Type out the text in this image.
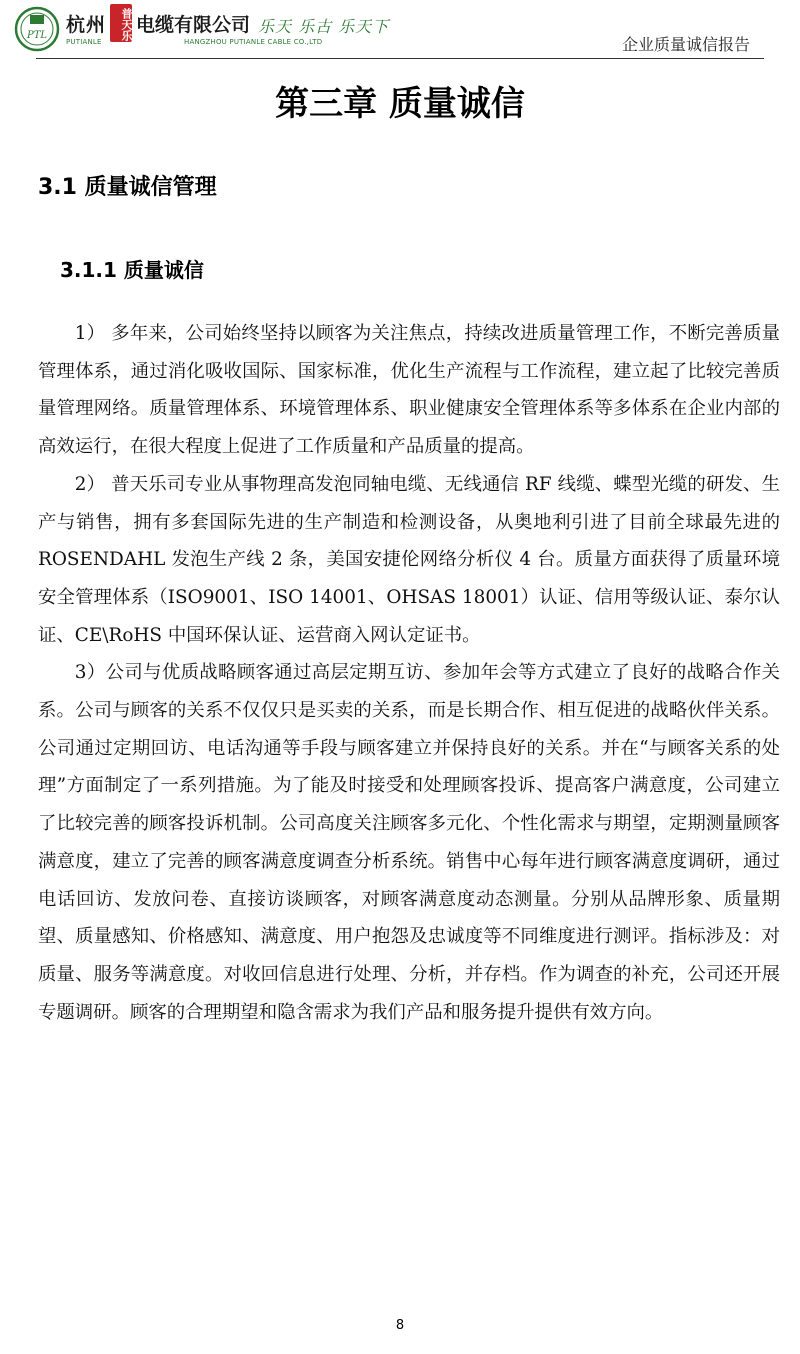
PTL 杭州	普天乐 电缆有限公司
PUTIANLE	HANGZHOU PUTIANLE CABLE CO.,LTD
乐天 乐古 乐天下
企业质量诚信报告
第三章 质量诚信
3.1 质量诚信管理
3.1.1 质量诚信

1） 多年来，公司始终坚持以顾客为关注焦点，持续改进质量管理工作，不断完善质量管理体系，通过消化吸收国际、国家标准，优化生产流程与工作流程，建立起了比较完善质量管理网络。质量管理体系、环境管理体系、职业健康安全管理体系等多体系在企业内部的高效运行，在很大程度上促进了工作质量和产品质量的提高。

2） 普天乐司专业从事物理高发泡同轴电缆、无线通信 RF 线缆、蝶型光缆的研发、生产与销售，拥有多套国际先进的生产制造和检测设备，从奥地利引进了目前全球最先进的 ROSENDAHL 发泡生产线 2 条，美国安捷伦网络分析仪 4 台。质量方面获得了质量环境安全管理体系（ISO9001、ISO 14001、OHSAS 18001）认证、信用等级认证、泰尔认证、CE\RoHS 中国环保认证、运营商入网认定证书。

3）公司与优质战略顾客通过高层定期互访、参加年会等方式建立了良好的战略合作关系。公司与顾客的关系不仅仅只是买卖的关系，而是长期合作、相互促进的战略伙伴关系。公司通过定期回访、电话沟通等手段与顾客建立并保持良好的关系。并在“与顾客关系的处理”方面制定了一系列措施。为了能及时接受和处理顾客投诉、提高客户满意度，公司建立了比较完善的顾客投诉机制。公司高度关注顾客多元化、个性化需求与期望，定期测量顾客满意度，建立了完善的顾客满意度调查分析系统。销售中心每年进行顾客满意度调研，通过电话回访、发放问卷、直接访谈顾客，对顾客满意度动态测量。分别从品牌形象、质量期望、质量感知、价格感知、满意度、用户抱怨及忠诚度等不同维度进行测评。指标涉及：对质量、服务等满意度。对收回信息进行处理、分析，并存档。作为调查的补充，公司还开展专题调研。顾客的合理期望和隐含需求为我们产品和服务提升提供有效方向。

8
